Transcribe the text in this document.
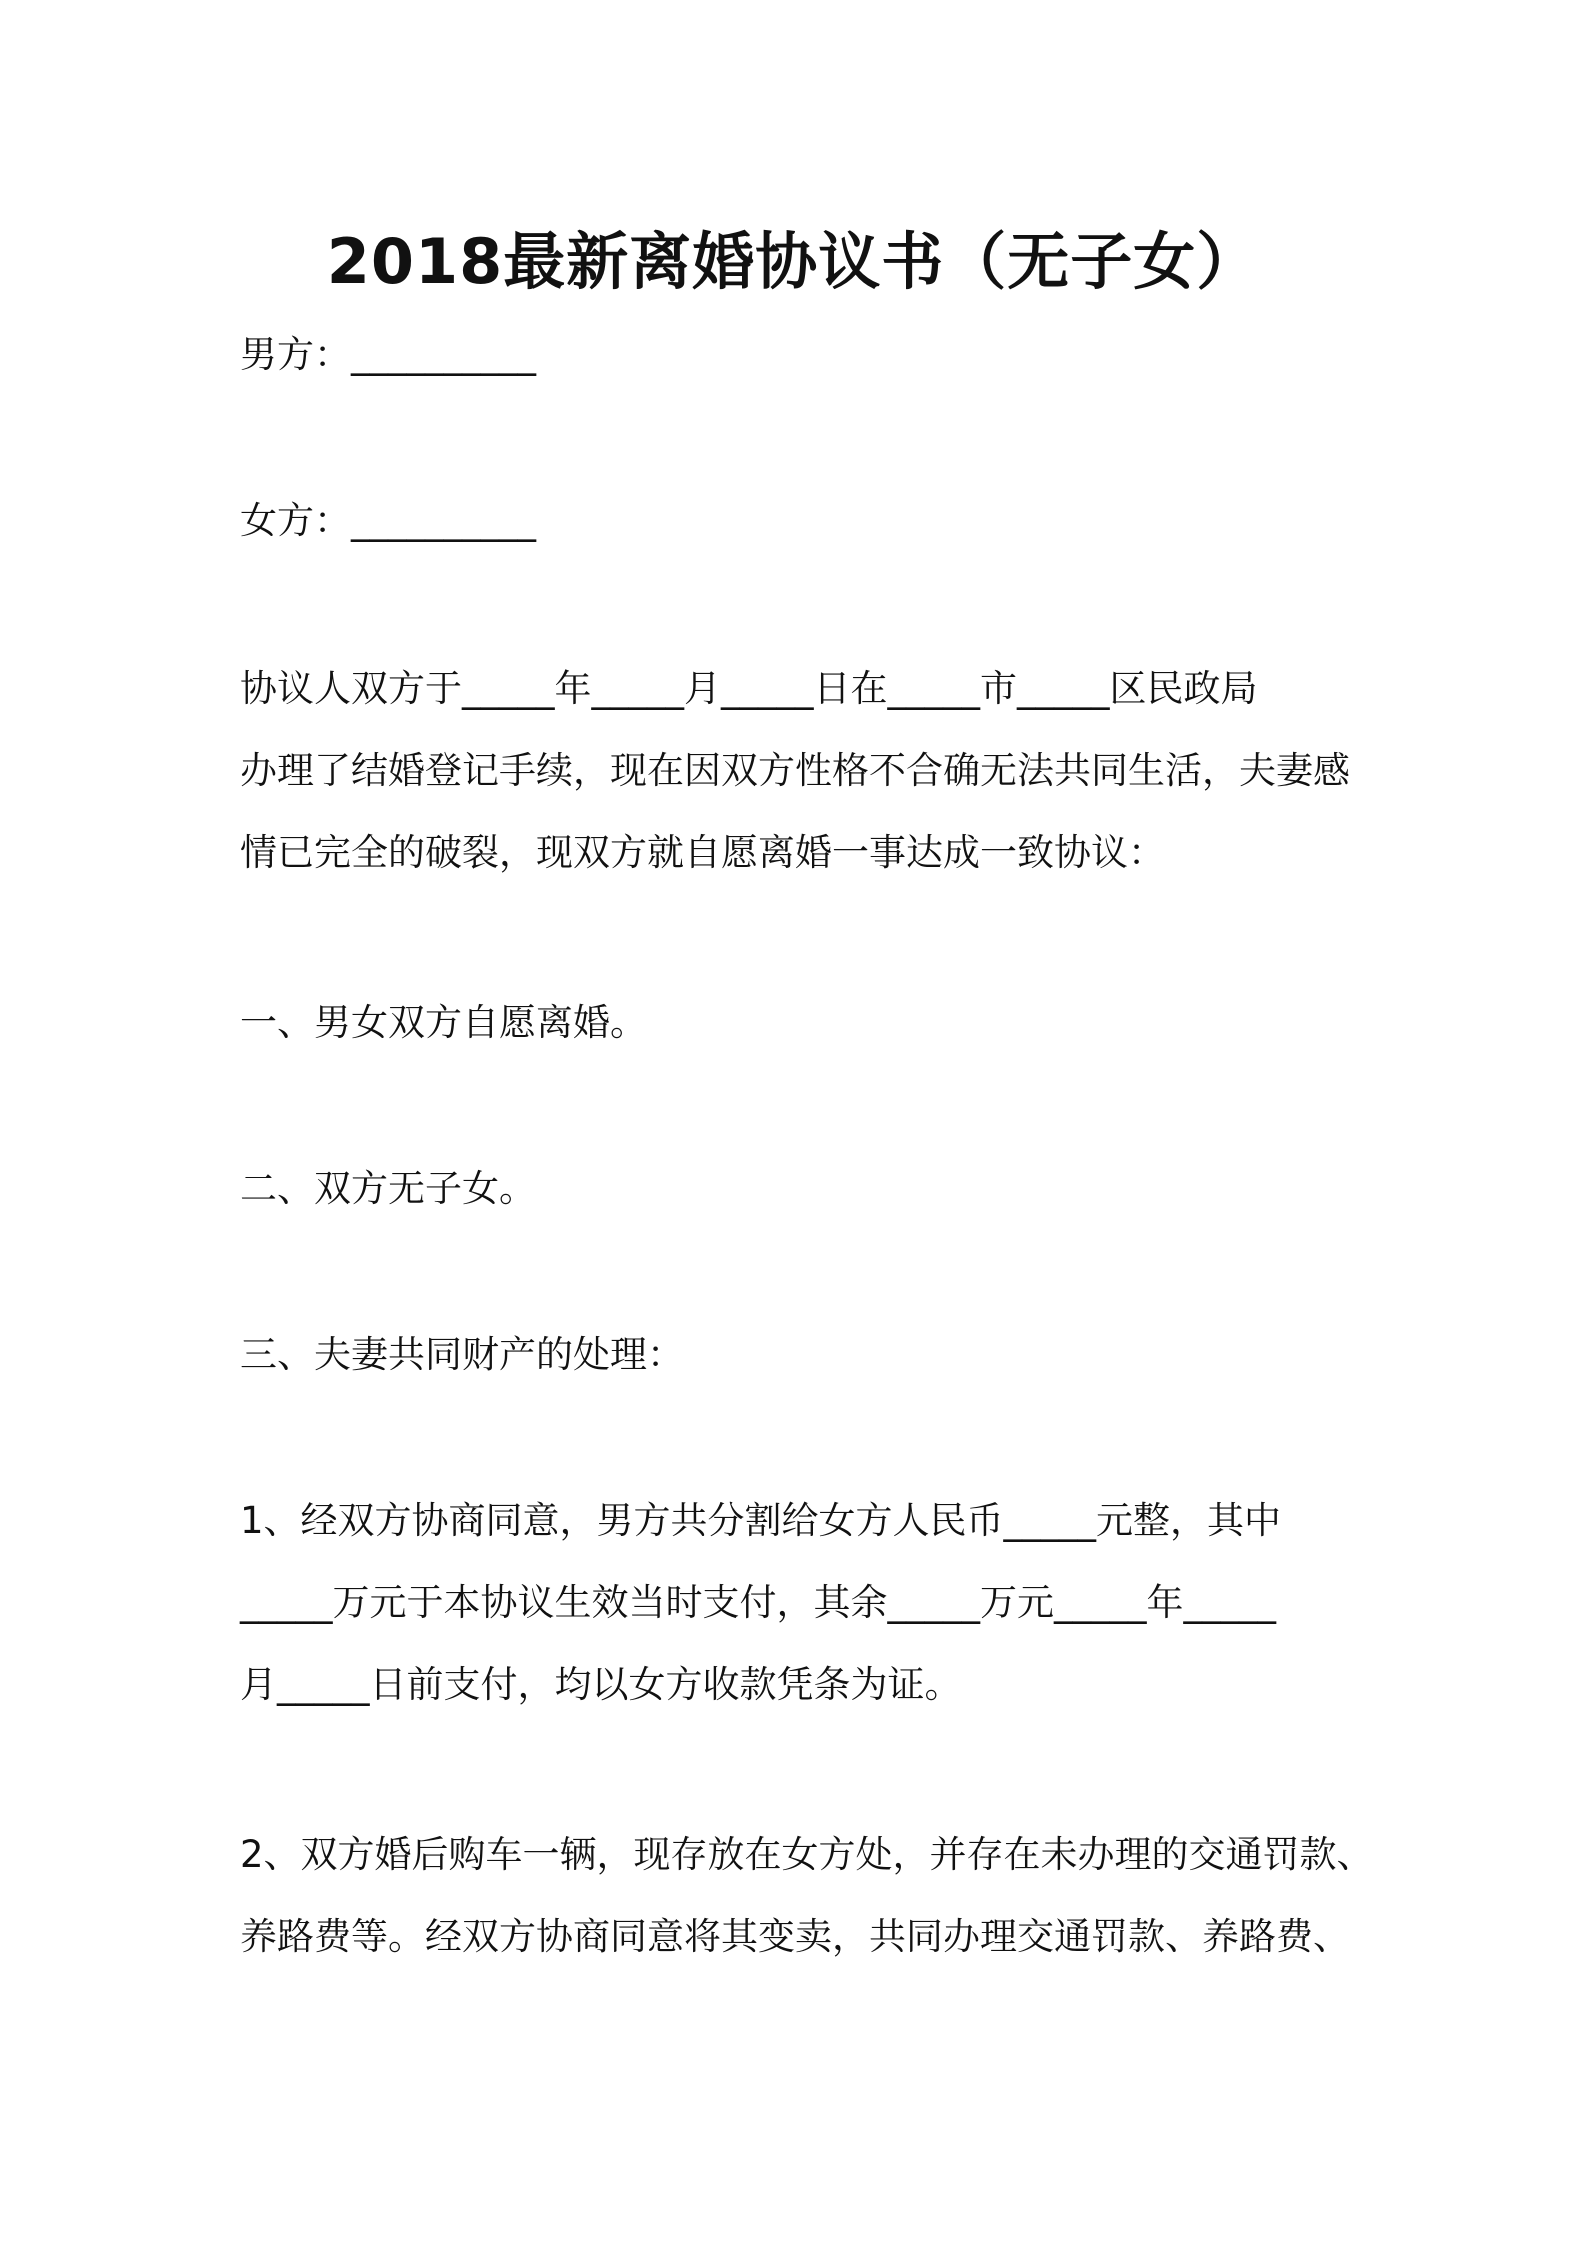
2018最新离婚协议书（无子女）

男方：__________

女方：__________

协议人双方于_____年_____月_____日在_____市_____区民政局

办理了结婚登记手续，现在因双方性格不合确无法共同生活，夫妻感

情已完全的破裂，现双方就自愿离婚一事达成一致协议：

一、男女双方自愿离婚。

二、双方无子女。

三、夫妻共同财产的处理：

1、经双方协商同意，男方共分割给女方人民币_____元整，其中

_____万元于本协议生效当时支付，其余_____万元_____年_____

月_____日前支付，均以女方收款凭条为证。

2、双方婚后购车一辆，现存放在女方处，并存在未办理的交通罚款、

养路费等。经双方协商同意将其变卖，共同办理交通罚款、养路费、
